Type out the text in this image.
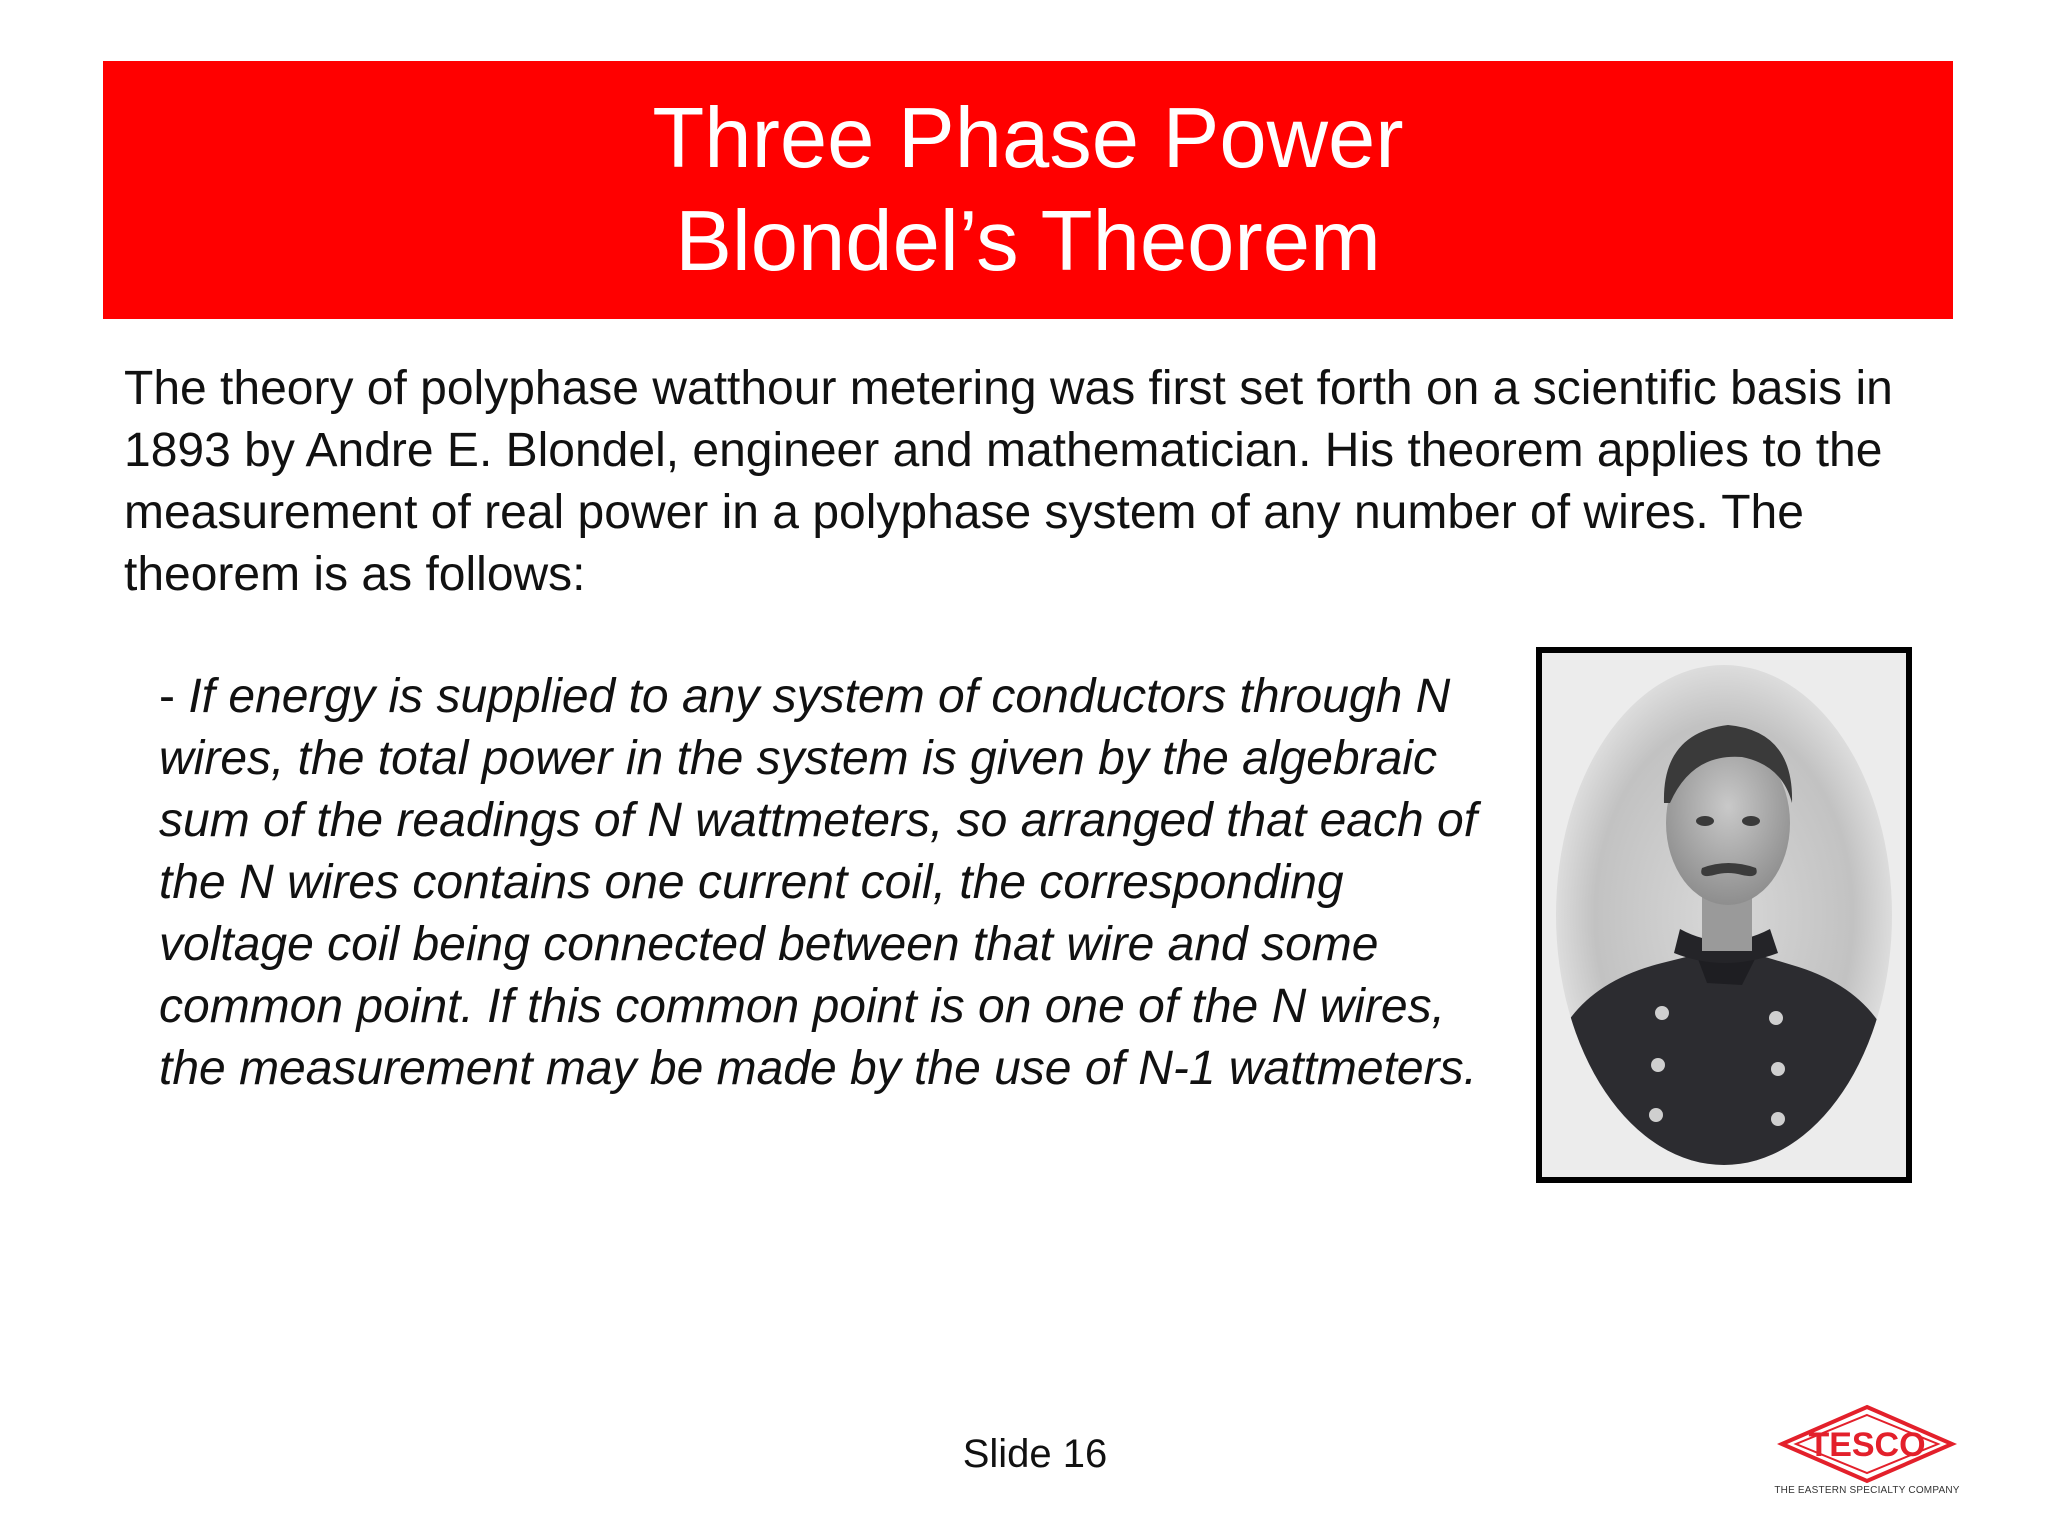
Three Phase Power
Blondel’s Theorem

The theory of polyphase watthour metering was first set forth on a scientific basis in 1893 by Andre E. Blondel, engineer and mathematician. His theorem applies to the measurement of real power in a polyphase system of any number of wires. The theorem is as follows:

- If energy is supplied to any system of conductors through N wires, the total power in the system is given by the algebraic sum of the readings of N wattmeters, so arranged that each of the N wires contains one current coil, the corresponding voltage coil being connected between that wire and some common point. If this common point is on one of the N wires, the measurement may be made by the use of N-1 wattmeters.

Slide 16	TESCO
THE EASTERN SPECIALTY COMPANY
